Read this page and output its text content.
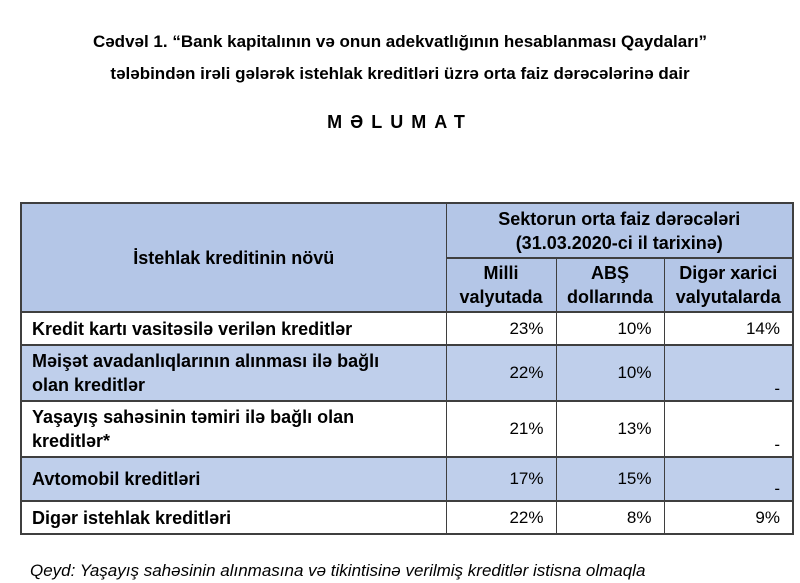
Cədvəl 1. “Bank kapitalının və onun adekvatlığının hesablanması Qaydaları”
tələbindən irəli gələrək istehlak kreditləri üzrə orta faiz dərəcələrinə dair
MƏLUMAT
İstehlak kreditinin növü	Sektorun orta faiz dərəcələri
(31.03.2020-ci il tarixinə)		

	Milli valyutada	ABŞ dollarında	Digər xarici valyutalarda
Kredit kartı vasitəsilə verilən kreditlər	23%	10%	14%
Məişət avadanlıqlarının alınması ilə bağlı olan kreditlər	22%	10%	-
Yaşayış sahəsinin təmiri ilə bağlı olan kreditlər*	21%	13%	-
Avtomobil kreditləri	17%	15%	-
Digər istehlak kreditləri	22%	8%	9%
Qeyd: Yaşayış sahəsinin alınmasına və tikintisinə verilmiş kreditlər istisna olmaqla
